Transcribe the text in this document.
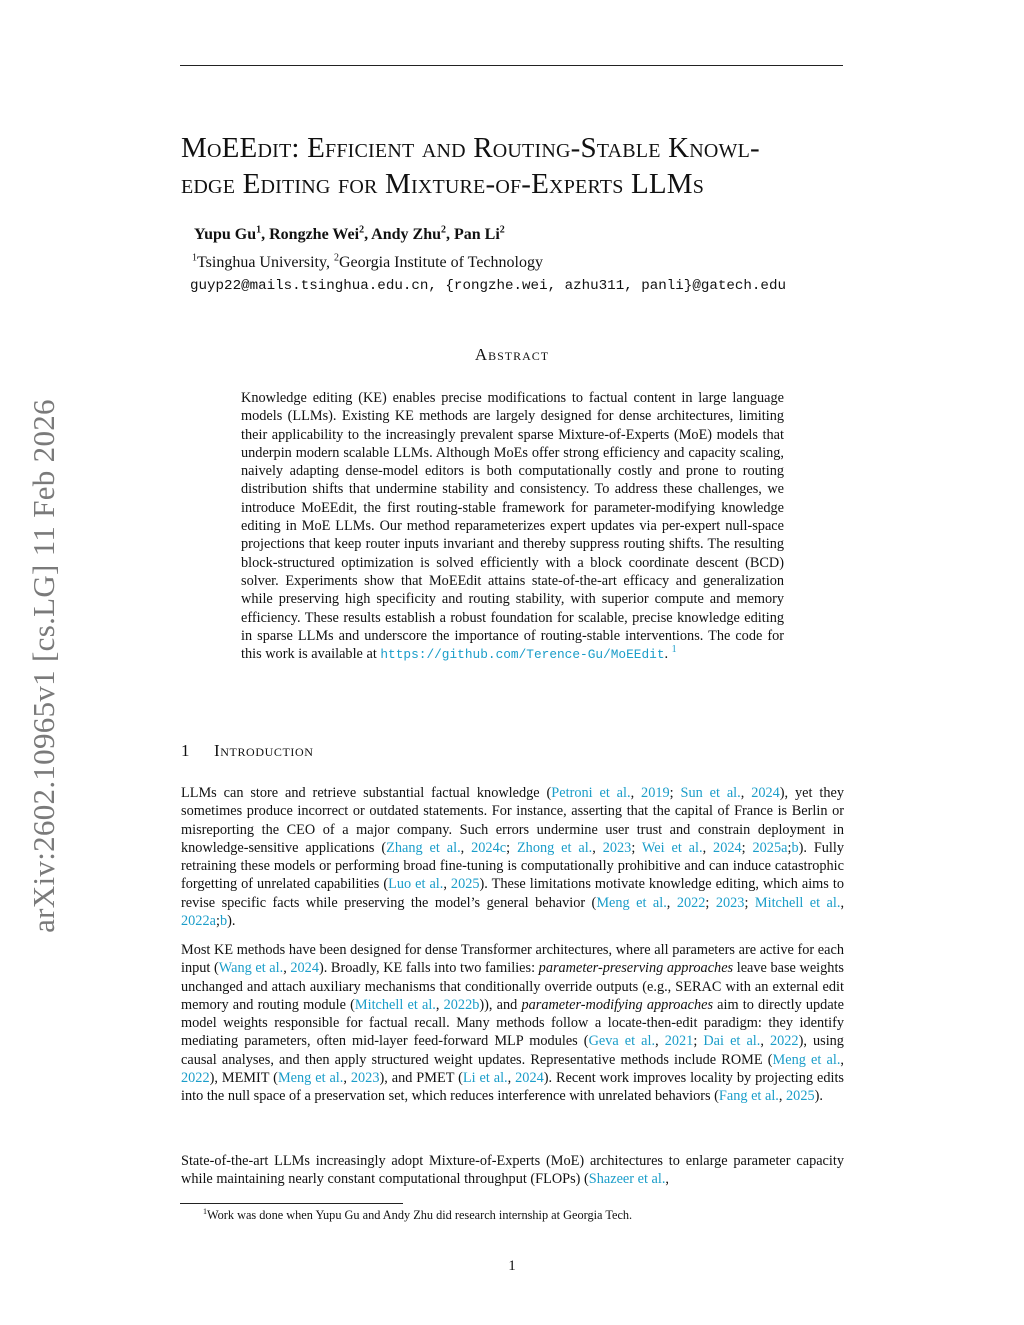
arXiv:2602.10965v1 [cs.LG] 11 Feb 2026
MoEEdit: Efficient and Routing-Stable Knowl-
edge Editing for Mixture-of-Experts LLMs
Yupu Gu$^1$, Rongzhe Wei$^2$, Andy Zhu$^2$, Pan Li$^2$
$^1$Tsinghua University, $^2$Georgia Institute of Technology
guyp22@mails.tsinghua.edu.cn, {rongzhe.wei, azhu311, panli}@gatech.edu
Abstract
Knowledge editing (KE) enables precise modifications to factual content in large language models (LLMs). Existing KE methods are largely designed for dense architectures, limiting their applicability to the increasingly prevalent sparse Mixture-of-Experts (MoE) models that underpin modern scalable LLMs. Although MoEs offer strong efficiency and capacity scaling, naively adapting dense-model editors is both computationally costly and prone to routing distribution shifts that undermine stability and consistency. To address these challenges, we introduce MoEEdit, the first routing-stable framework for parameter-modifying knowledge editing in MoE LLMs. Our method reparameterizes expert updates via per-expert null-space projections that keep router inputs invariant and thereby suppress routing shifts. The resulting block-structured optimization is solved efficiently with a block coordinate descent (BCD) solver. Experiments show that MoEEdit attains state-of-the-art efficacy and generalization while preserving high specificity and routing stability, with superior compute and memory efficiency. These results establish a robust foundation for scalable, precise knowledge editing in sparse LLMs and underscore the importance of routing-stable interventions. The code for this work is available at https://github.com/Terence-Gu/MoEEdit. $^1$
1 Introduction
LLMs can store and retrieve substantial factual knowledge (Petroni et al., 2019; Sun et al., 2024), yet they sometimes produce incorrect or outdated statements. For instance, asserting that the capital of France is Berlin or misreporting the CEO of a major company. Such errors undermine user trust and constrain deployment in knowledge-sensitive applications (Zhang et al., 2024c; Zhong et al., 2023; Wei et al., 2024; 2025a;b). Fully retraining these models or performing broad fine-tuning is computationally prohibitive and can induce catastrophic forgetting of unrelated capabilities (Luo et al., 2025). These limitations motivate knowledge editing, which aims to revise specific facts while preserving the model’s general behavior (Meng et al., 2022; 2023; Mitchell et al., 2022a;b).
Most KE methods have been designed for dense Transformer architectures, where all parameters are active for each input (Wang et al., 2024). Broadly, KE falls into two families: parameter-preserving approaches leave base weights unchanged and attach auxiliary mechanisms that conditionally override outputs (e.g., SERAC with an external edit memory and routing module (Mitchell et al., 2022b)), and parameter-modifying approaches aim to directly update model weights responsible for factual recall. Many methods follow a locate-then-edit paradigm: they identify mediating parameters, often mid-layer feed-forward MLP modules (Geva et al., 2021; Dai et al., 2022), using causal analyses, and then apply structured weight updates. Representative methods include ROME (Meng et al., 2022), MEMIT (Meng et al., 2023), and PMET (Li et al., 2024). Recent work improves locality by projecting edits into the null space of a preservation set, which reduces interference with unrelated behaviors (Fang et al., 2025).
State-of-the-art LLMs increasingly adopt Mixture-of-Experts (MoE) architectures to enlarge parameter capacity while maintaining nearly constant computational throughput (FLOPs) (Shazeer et al.,
$^1$Work was done when Yupu Gu and Andy Zhu did research internship at Georgia Tech.
1
